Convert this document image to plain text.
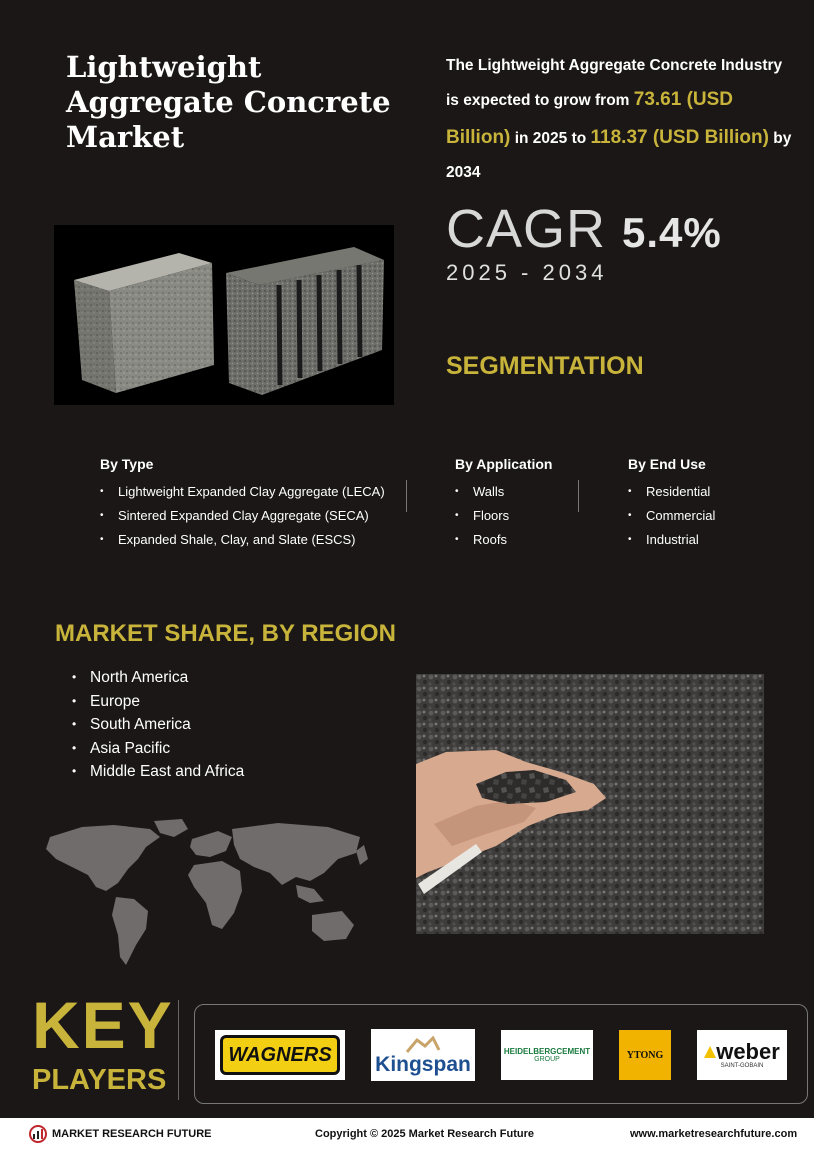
Lightweight
Aggregate Concrete
Market
The Lightweight Aggregate Concrete Industry is expected to grow from 73.61 (USD Billion) in 2025 to 118.37 (USD Billion) by 2034
CAGR 5.4%
2025 - 2034
SEGMENTATION
By Type
• Lightweight Expanded Clay Aggregate (LECA)
• Sintered Expanded Clay Aggregate (SECA)
• Expanded Shale, Clay, and Slate (ESCS)
By Application
• Walls
• Floors
• Roofs
By End Use
• Residential
• Commercial
• Industrial
MARKET SHARE, BY REGION
• North America
• Europe
• South America
• Asia Pacific
• Middle East and Africa
KEY
PLAYERS
WAGNERS Kingspan
HEIDELBERGCEMENT
GROUP	YTONG weber
SAINT-GOBAIN
MARKET RESEARCH FUTURE	Copyright © 2025 Market Research Future	www.marketresearchfuture.com
